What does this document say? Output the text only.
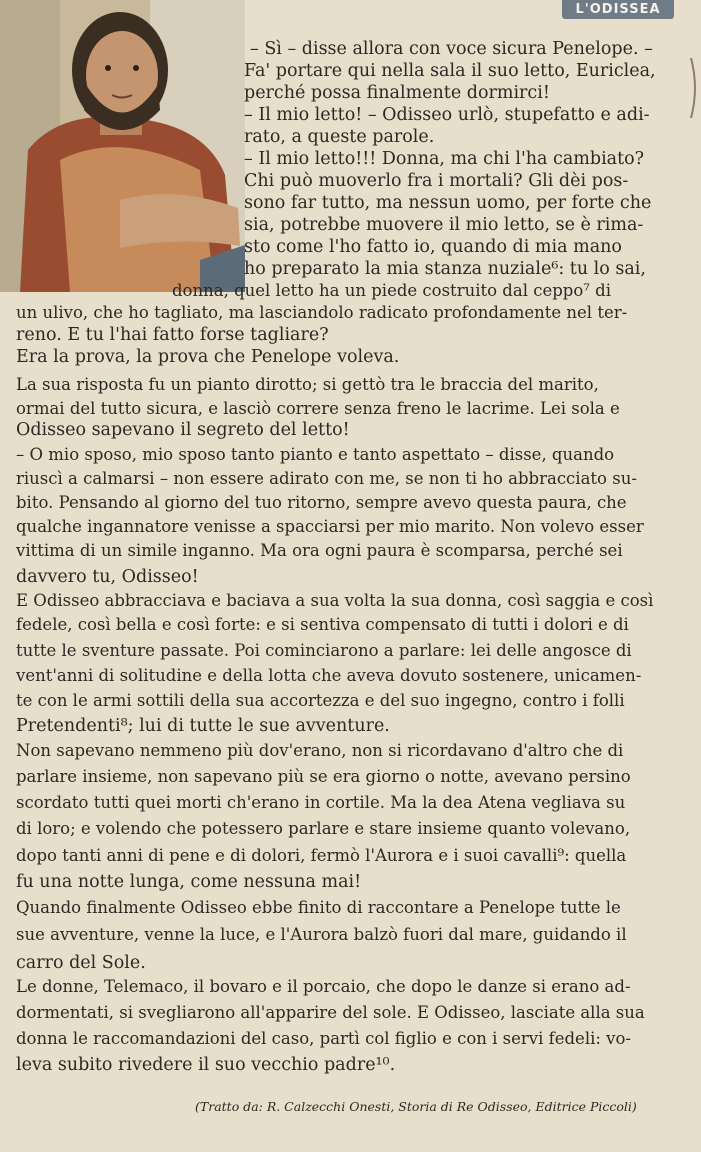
L'ODISSEA
– Sì – disse allora con voce sicura Penelope. –
Fa' portare qui nella sala il suo letto, Euriclea,
perché possa finalmente dormirci!
– Il mio letto! – Odisseo urlò, stupefatto e adi-
rato, a queste parole.
– Il mio letto!!! Donna, ma chi l'ha cambiato?
Chi può muoverlo fra i mortali? Gli dèi pos-
sono far tutto, ma nessun uomo, per forte che
sia, potrebbe muovere il mio letto, se è rima-
sto come l'ho fatto io, quando di mia mano
ho preparato la mia stanza nuziale⁶: tu lo sai,
donna, quel letto ha un piede costruito dal ceppo⁷ di
un ulivo, che ho tagliato, ma lasciandolo radicato profondamente nel ter-
reno. E tu l'hai fatto forse tagliare?
Era la prova, la prova che Penelope voleva.
La sua risposta fu un pianto dirotto; si gettò tra le braccia del marito,
ormai del tutto sicura, e lasciò correre senza freno le lacrime. Lei sola e
Odisseo sapevano il segreto del letto!
– O mio sposo, mio sposo tanto pianto e tanto aspettato – disse, quando
riuscì a calmarsi – non essere adirato con me, se non ti ho abbracciato su-
bito. Pensando al giorno del tuo ritorno, sempre avevo questa paura, che
qualche ingannatore venisse a spacciarsi per mio marito. Non volevo esser
vittima di un simile inganno. Ma ora ogni paura è scomparsa, perché sei
davvero tu, Odisseo!
E Odisseo abbracciava e baciava a sua volta la sua donna, così saggia e così
fedele, così bella e così forte: e si sentiva compensato di tutti i dolori e di
tutte le sventure passate. Poi cominciarono a parlare: lei delle angosce di
vent'anni di solitudine e della lotta che aveva dovuto sostenere, unicamen-
te con le armi sottili della sua accortezza e del suo ingegno, contro i folli
Pretendenti⁸; lui di tutte le sue avventure.
Non sapevano nemmeno più dov'erano, non si ricordavano d'altro che di
parlare insieme, non sapevano più se era giorno o notte, avevano persino
scordato tutti quei morti ch'erano in cortile. Ma la dea Atena vegliava su
di loro; e volendo che potessero parlare e stare insieme quanto volevano,
dopo tanti anni di pene e di dolori, fermò l'Aurora e i suoi cavalli⁹: quella
fu una notte lunga, come nessuna mai!
Quando finalmente Odisseo ebbe finito di raccontare a Penelope tutte le
sue avventure, venne la luce, e l'Aurora balzò fuori dal mare, guidando il
carro del Sole.
Le donne, Telemaco, il bovaro e il porcaio, che dopo le danze si erano ad-
dormentati, si svegliarono all'apparire del sole. E Odisseo, lasciate alla sua
donna le raccomandazioni del caso, partì col figlio e con i servi fedeli: vo-
leva subito rivedere il suo vecchio padre¹⁰.
(Tratto da: R. Calzecchi Onesti, Storia di Re Odisseo, Editrice Piccoli)
